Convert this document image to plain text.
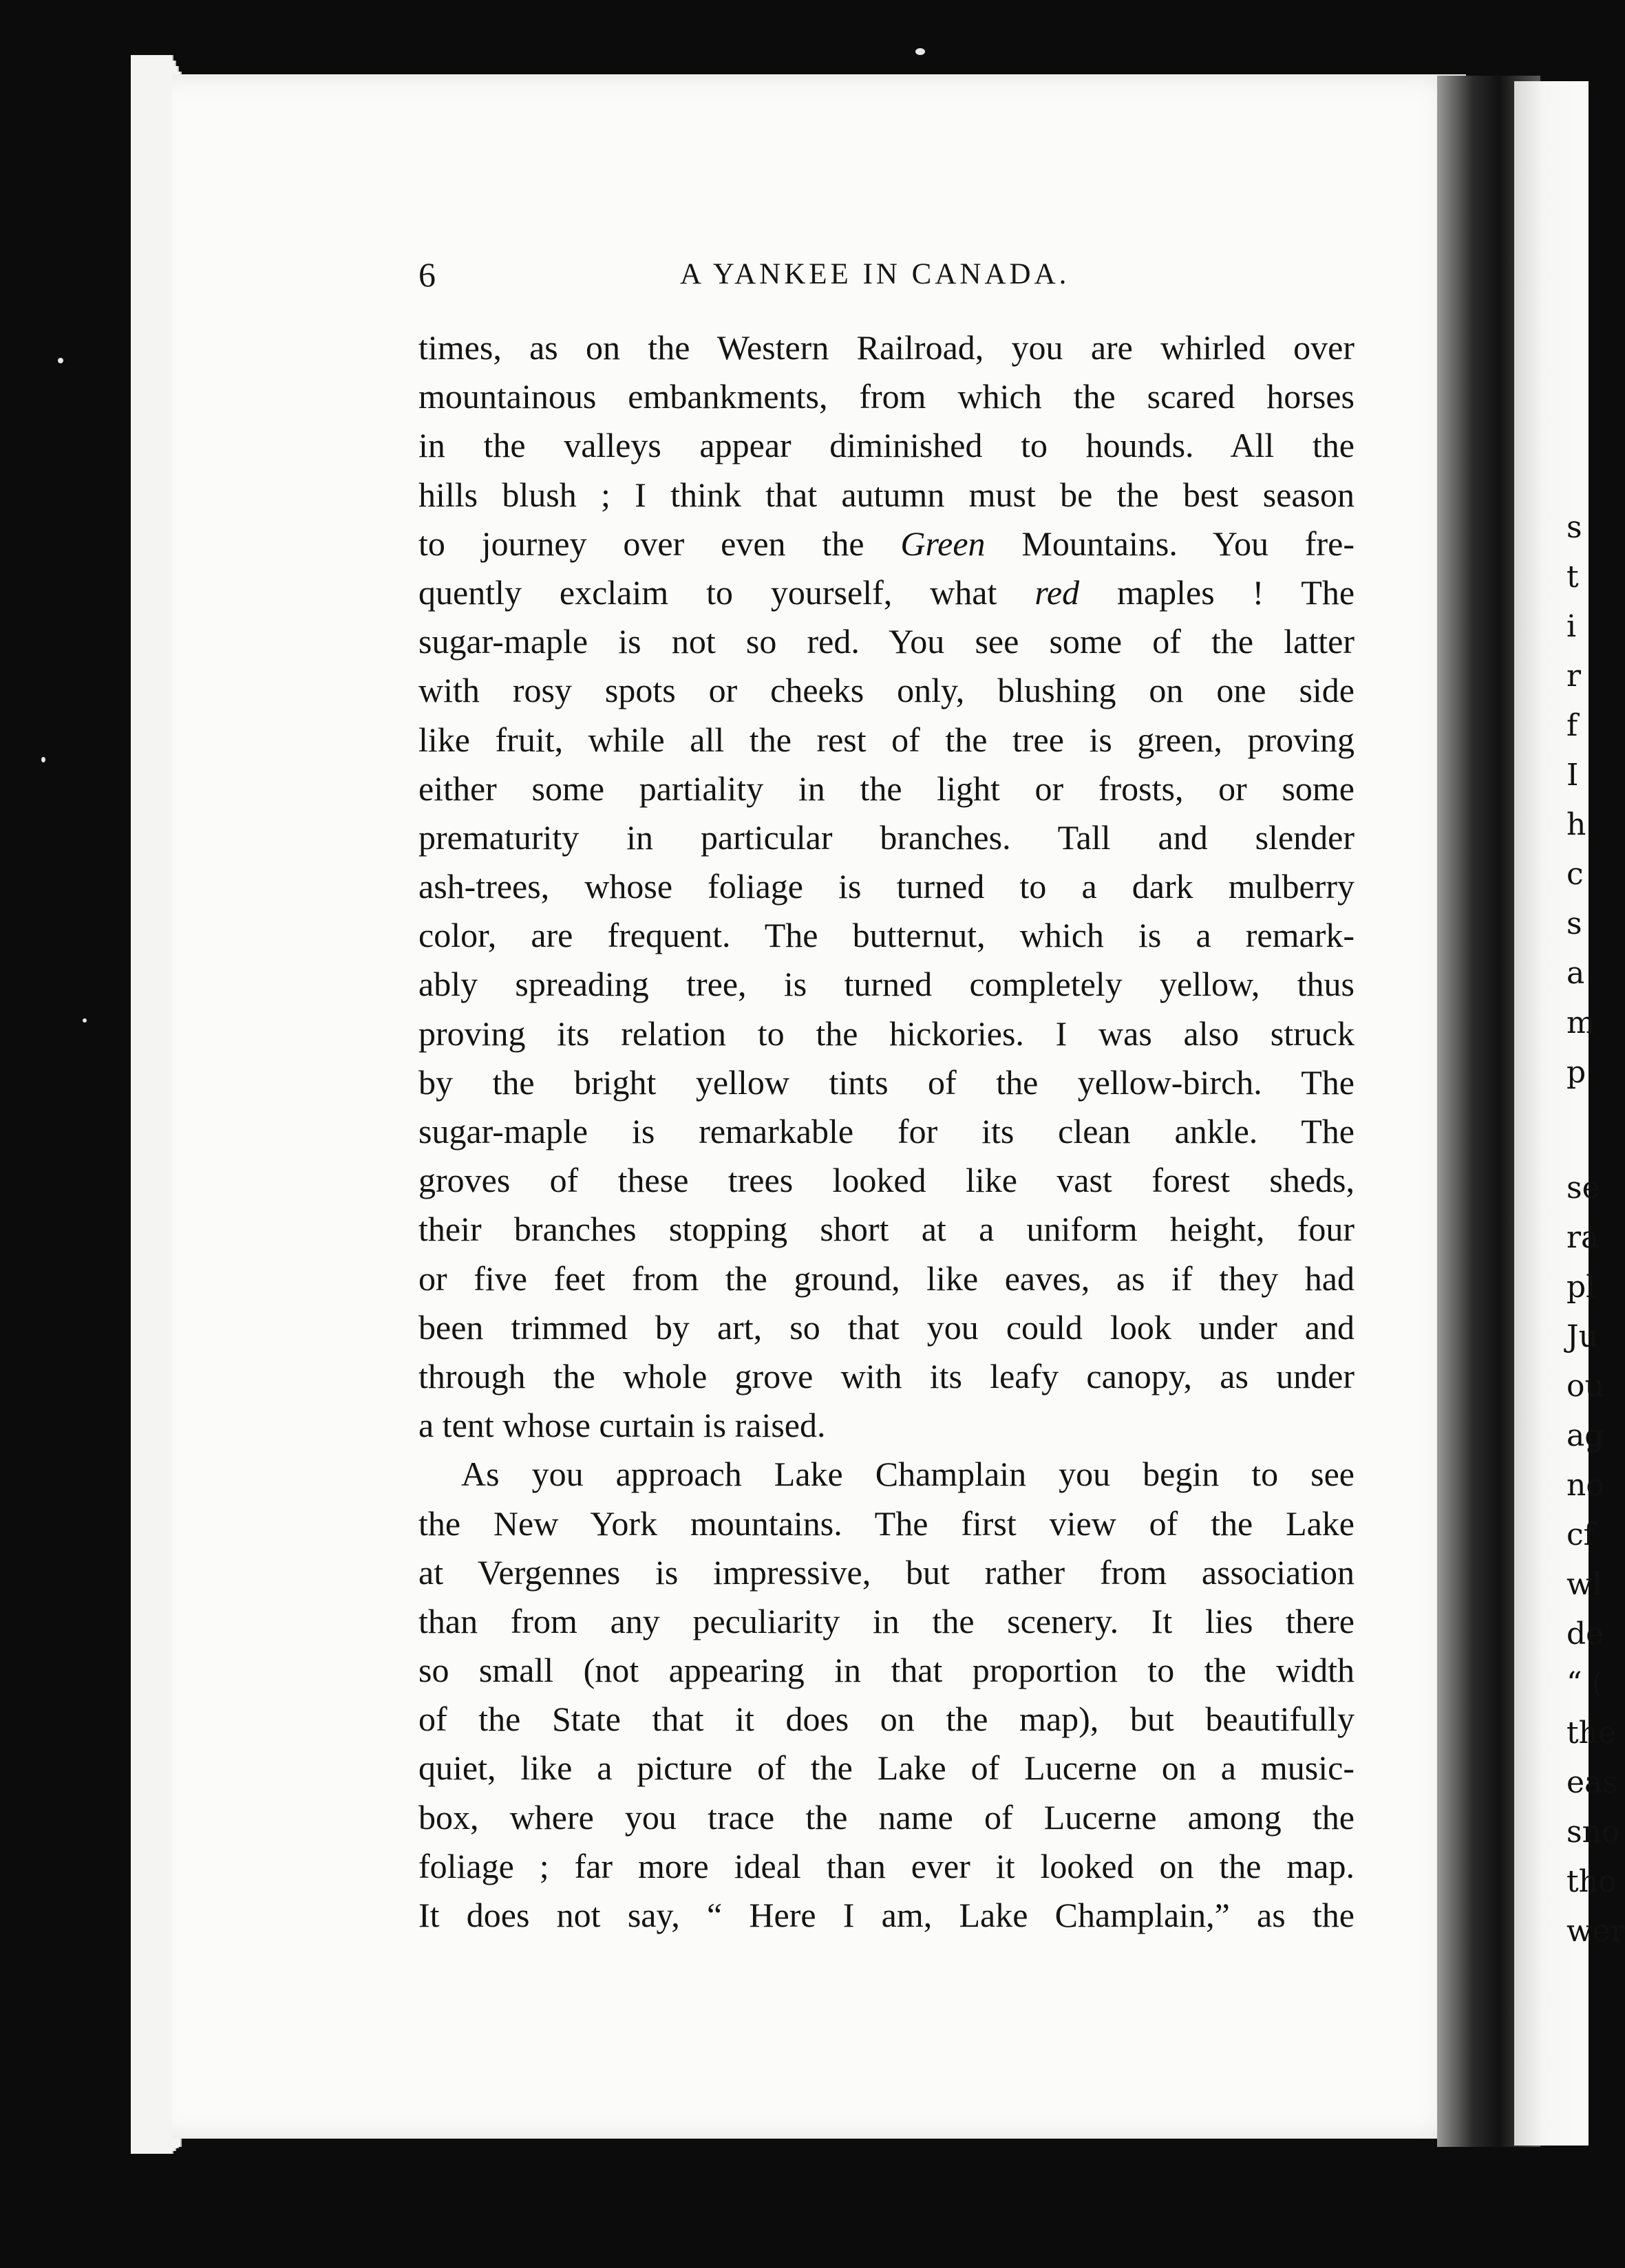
s
t
i
r
f
I
h
c
s
a
m
p
se
ra
pl
Ju
ou
ag
no
cf
wl
de
“ (
the
eas
sno
tho
wer
6	A YANKEE IN CANADA.
times, as on the Western Railroad, you are whirled over
mountainous embankments, from which the scared horses
in the valleys appear diminished to hounds. All the
hills blush ; I think that autumn must be the best season
to journey over even the Green Mountains. You fre-
quently exclaim to yourself, what red maples ! The
sugar-maple is not so red. You see some of the latter
with rosy spots or cheeks only, blushing on one side
like fruit, while all the rest of the tree is green, proving
either some partiality in the light or frosts, or some
prematurity in particular branches. Tall and slender
ash-trees, whose foliage is turned to a dark mulberry
color, are frequent. The butternut, which is a remark-
ably spreading tree, is turned completely yellow, thus
proving its relation to the hickories. I was also struck
by the bright yellow tints of the yellow-birch. The
sugar-maple is remarkable for its clean ankle. The
groves of these trees looked like vast forest sheds,
their branches stopping short at a uniform height, four
or five feet from the ground, like eaves, as if they had
been trimmed by art, so that you could look under and
through the whole grove with its leafy canopy, as under
a tent whose curtain is raised.
As you approach Lake Champlain you begin to see
the New York mountains. The first view of the Lake
at Vergennes is impressive, but rather from association
than from any peculiarity in the scenery. It lies there
so small (not appearing in that proportion to the width
of the State that it does on the map), but beautifully
quiet, like a picture of the Lake of Lucerne on a music-
box, where you trace the name of Lucerne among the
foliage ; far more ideal than ever it looked on the map.
It does not say, “ Here I am, Lake Champlain,” as the
